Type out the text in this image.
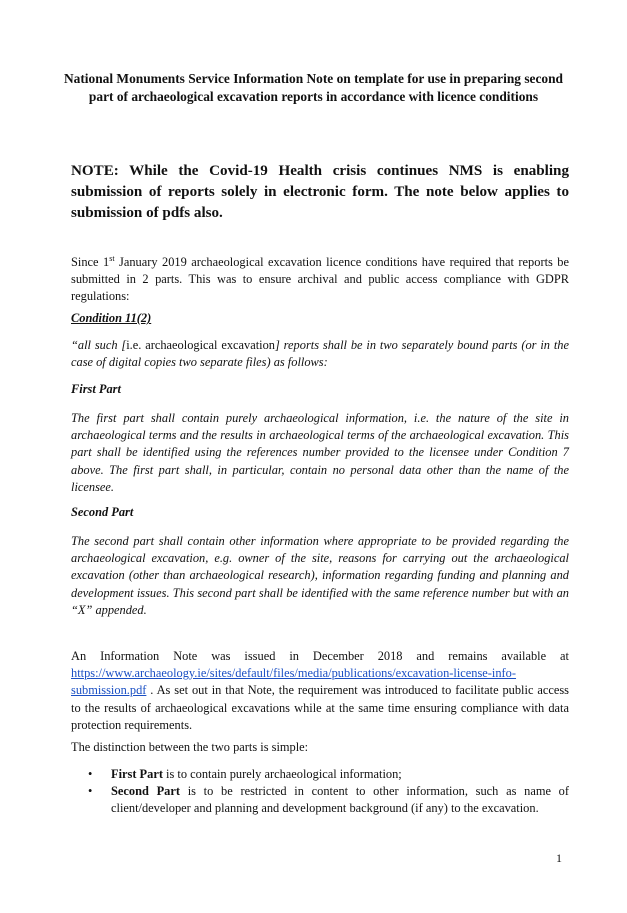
National Monuments Service Information Note on template for use in preparing second part of archaeological excavation reports in accordance with licence conditions
NOTE: While the Covid-19 Health crisis continues NMS is enabling submission of reports solely in electronic form. The note below applies to submission of pdfs also.
Since 1st January 2019 archaeological excavation licence conditions have required that reports be submitted in 2 parts. This was to ensure archival and public access compliance with GDPR regulations:
Condition 11(2)
“all such [i.e. archaeological excavation] reports shall be in two separately bound parts (or in the case of digital copies two separate files) as follows:
First Part
The first part shall contain purely archaeological information, i.e. the nature of the site in archaeological terms and the results in archaeological terms of the archaeological excavation. This part shall be identified using the references number provided to the licensee under Condition 7 above. The first part shall, in particular, contain no personal data other than the name of the licensee.
Second Part
The second part shall contain other information where appropriate to be provided regarding the archaeological excavation, e.g. owner of the site, reasons for carrying out the archaeological excavation (other than archaeological research), information regarding funding and planning and development issues. This second part shall be identified with the same reference number but with an “X” appended.
An Information Note was issued in December 2018 and remains available at https://www.archaeology.ie/sites/default/files/media/publications/excavation-license-info-submission.pdf . As set out in that Note, the requirement was introduced to facilitate public access to the results of archaeological excavations while at the same time ensuring compliance with data protection requirements.
The distinction between the two parts is simple:
• First Part is to contain purely archaeological information;
• Second Part is to be restricted in content to other information, such as name of client/developer and planning and development background (if any) to the excavation.
1
